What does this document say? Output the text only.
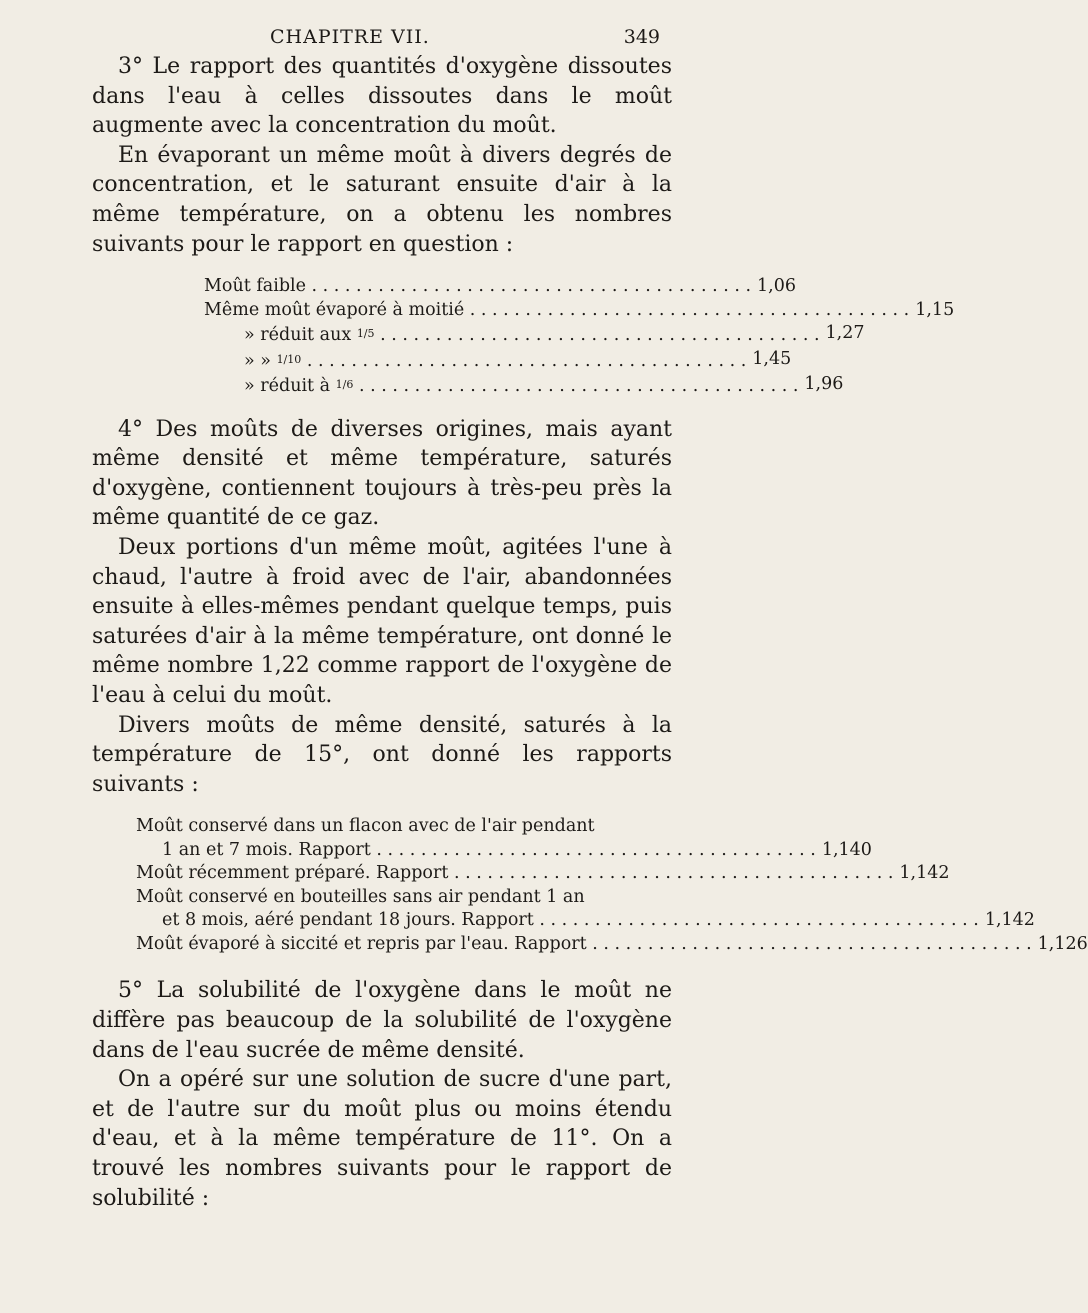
CHAPITRE VII.	349

3° Le rapport des quantités d'oxygène dissoutes dans l'eau à celles dissoutes dans le moût augmente avec la concentration du moût.

En évaporant un même moût à divers degrés de concentration, et le saturant ensuite d'air à la même température, on a obtenu les nombres suivants pour le rapport en question :

Moût faible . . .	1,06
Même moût évaporé à moitié . . .	1,15
» réduit aux 1/5 . . .	1,27
» » 1/10 . . .	1,45
» réduit à 1/6 . . .	1,96

4° Des moûts de diverses origines, mais ayant même densité et même température, saturés d'oxygène, contiennent toujours à très-peu près la même quantité de ce gaz.

Deux portions d'un même moût, agitées l'une à chaud, l'autre à froid avec de l'air, abandonnées ensuite à elles-mêmes pendant quelque temps, puis saturées d'air à la même température, ont donné le même nombre 1,22 comme rapport de l'oxygène de l'eau à celui du moût.

Divers moûts de même densité, saturés à la température de 15°, ont donné les rapports suivants :

Moût conservé dans un flacon avec de l'air pendant
1 an et 7 mois. Rapport . . .	1,140
Moût récemment préparé. Rapport . . .	1,142
Moût conservé en bouteilles sans air pendant 1 an
et 8 mois, aéré pendant 18 jours. Rapport . . .	1,142
Moût évaporé à siccité et repris par l'eau. Rapport . . .	1,126

5° La solubilité de l'oxygène dans le moût ne diffère pas beaucoup de la solubilité de l'oxygène dans de l'eau sucrée de même densité.

On a opéré sur une solution de sucre d'une part, et de l'autre sur du moût plus ou moins étendu d'eau, et à la même température de 11°. On a trouvé les nombres suivants pour le rapport de solubilité :
